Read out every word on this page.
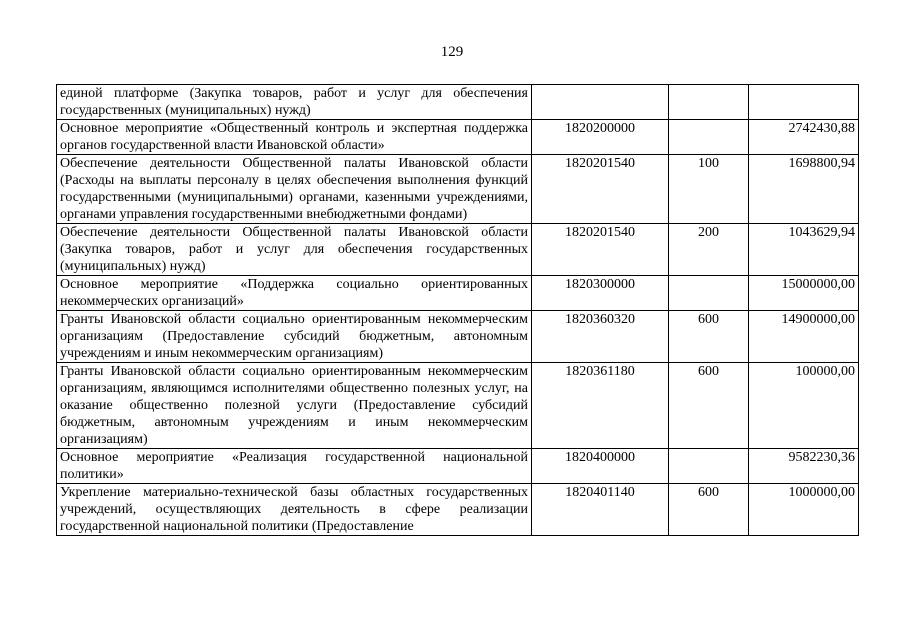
129
единой платформе (Закупка товаров, работ и услуг для обеспечения государственных (муниципальных) нужд)			
Основное мероприятие «Общественный контроль и экспертная поддержка органов государственной власти Ивановской области»	1820200000		2742430,88
Обеспечение деятельности Общественной палаты Ивановской области (Расходы на выплаты персоналу в целях обеспечения выполнения функций государственными (муниципальными) органами, казенными учреждениями, органами управления государственными внебюджетными фондами)	1820201540	100	1698800,94
Обеспечение деятельности Общественной палаты Ивановской области (Закупка товаров, работ и услуг для обеспечения государственных (муниципальных) нужд)	1820201540	200	1043629,94
Основное мероприятие «Поддержка социально ориентированных некоммерческих организаций»	1820300000		15000000,00
Гранты Ивановской области социально ориентированным некоммерческим организациям (Предоставление субсидий бюджетным, автономным учреждениям и иным некоммерческим организациям)	1820360320	600	14900000,00
Гранты Ивановской области социально ориентированным некоммерческим организациям, являющимся исполнителями общественно полезных услуг, на оказание общественно полезной услуги (Предоставление субсидий бюджетным, автономным учреждениям и иным некоммерческим организациям)	1820361180	600	100000,00
Основное мероприятие «Реализация государственной национальной политики»	1820400000		9582230,36
Укрепление материально-технической базы областных государственных учреждений, осуществляющих деятельность в сфере реализации государственной национальной политики (Предоставление	1820401140	600	1000000,00
